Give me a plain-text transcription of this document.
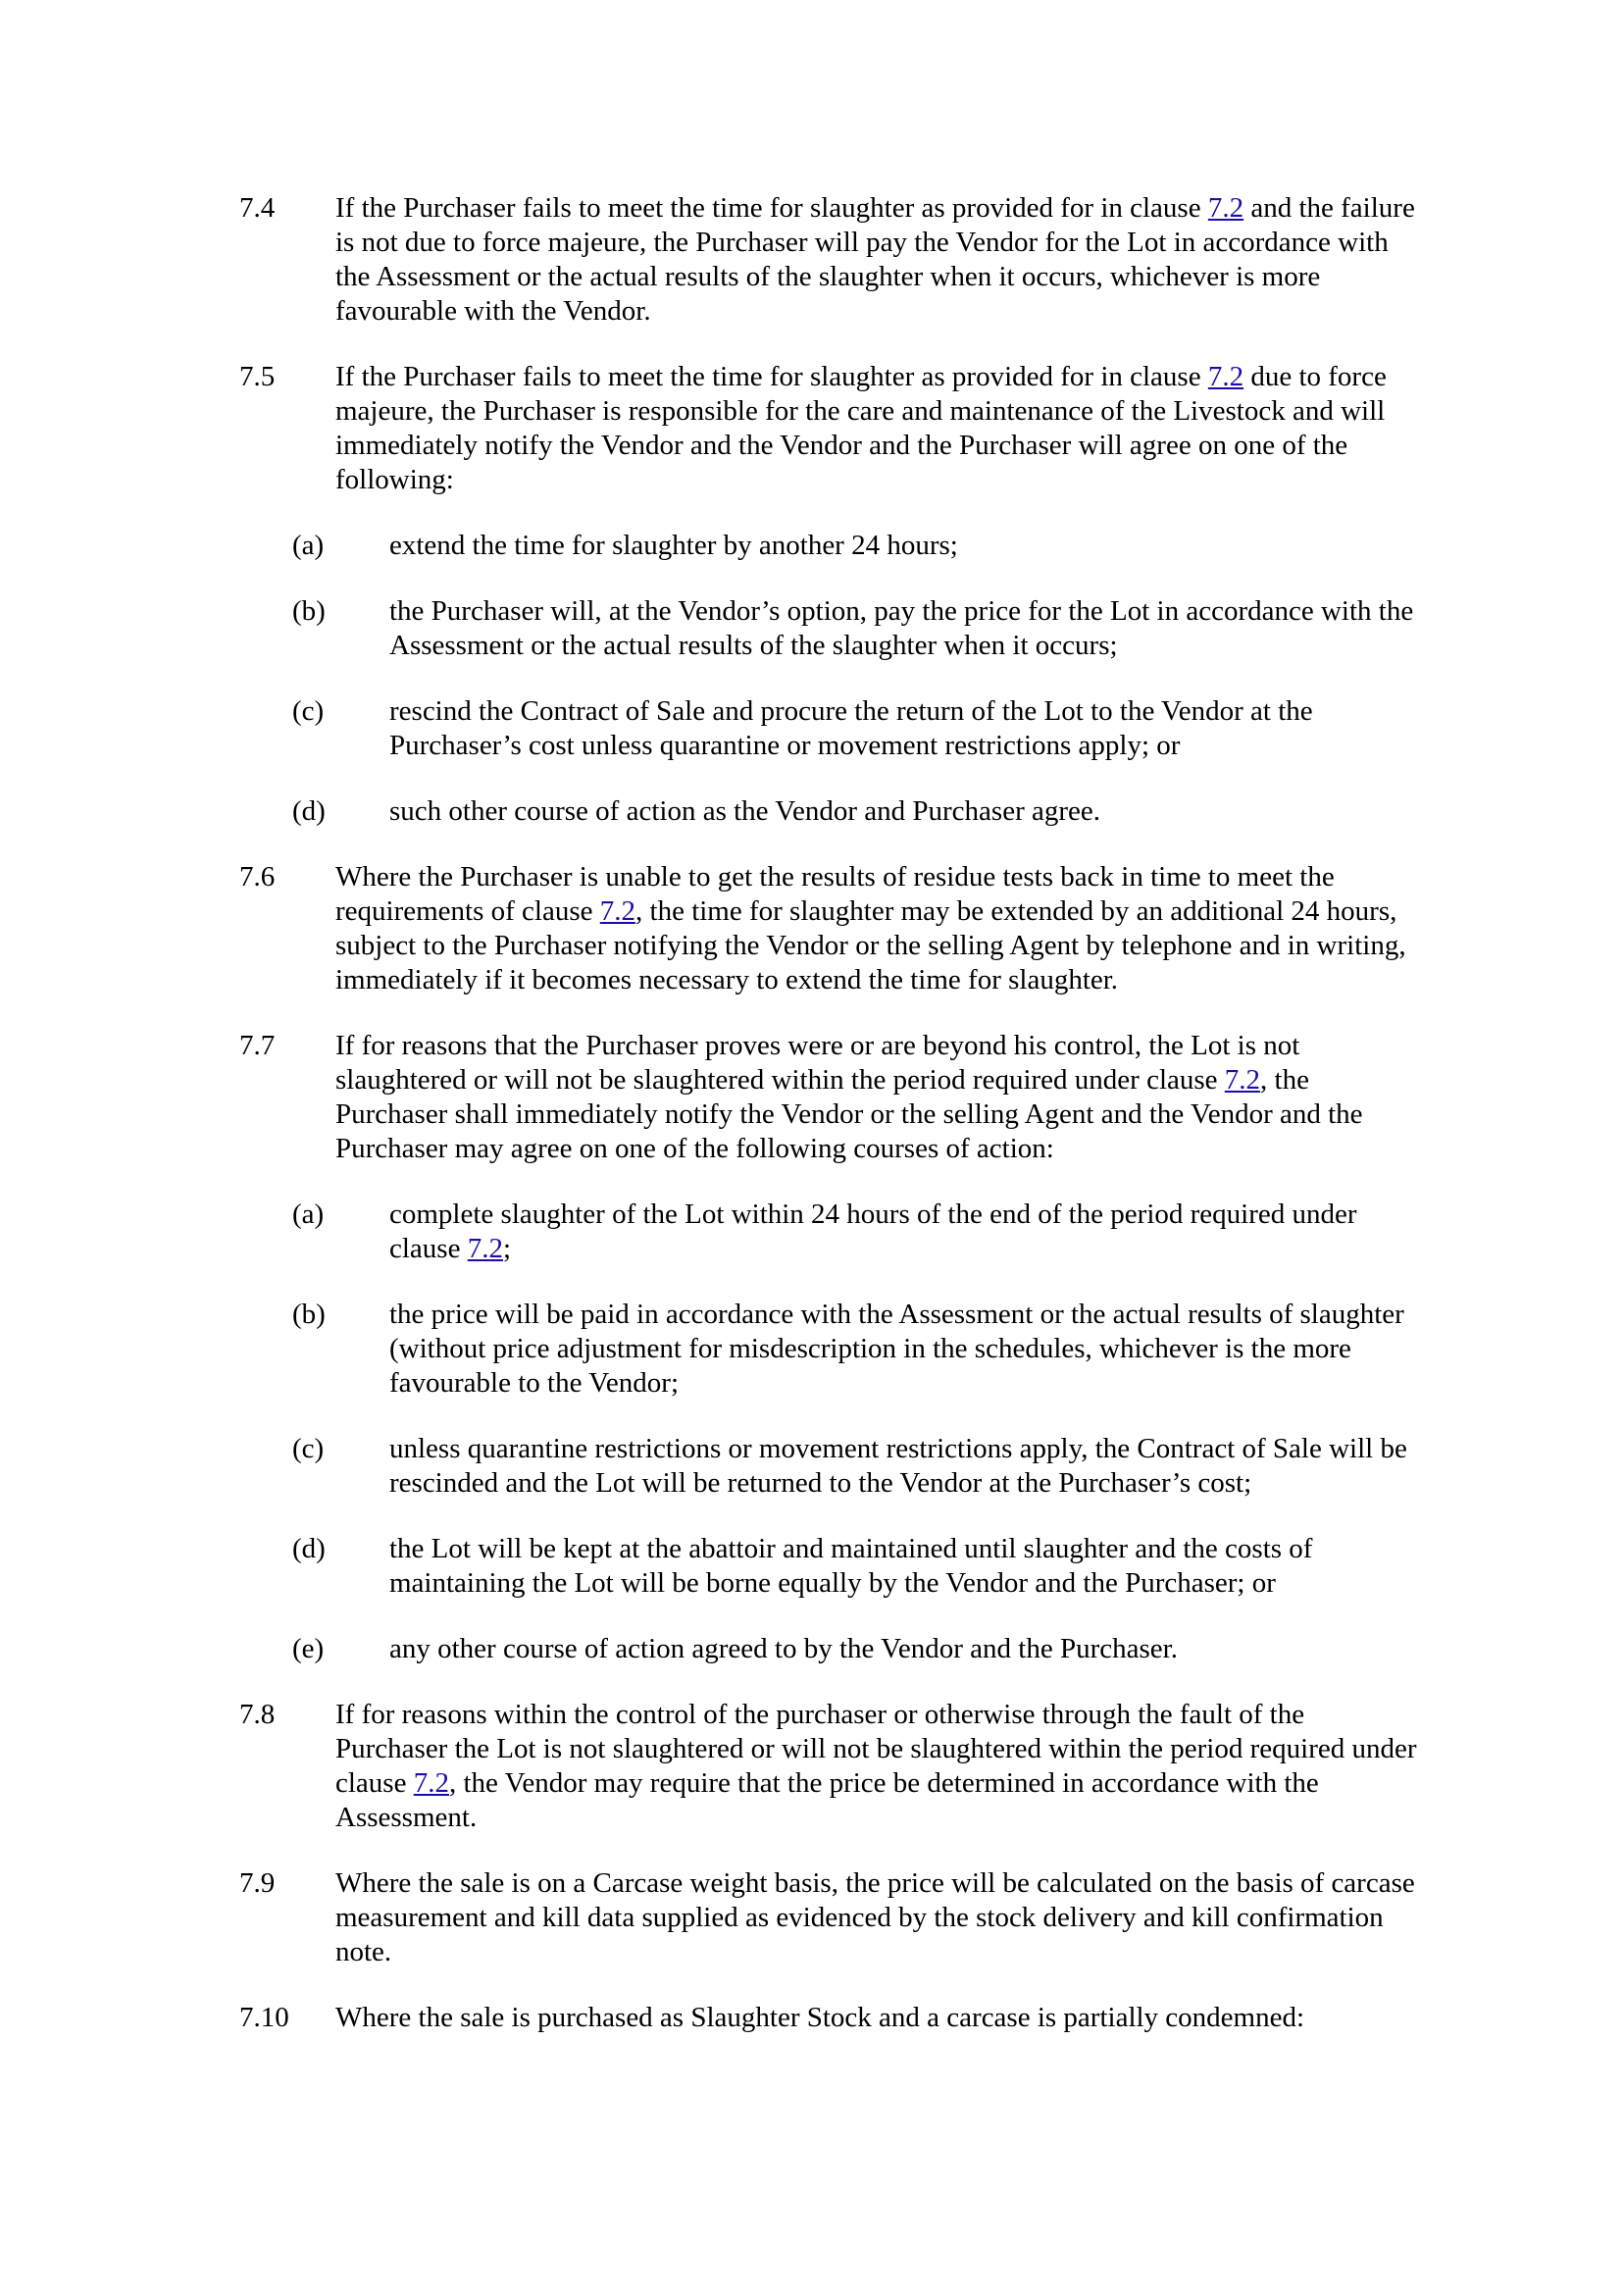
7.4 If the Purchaser fails to meet the time for slaughter as provided for in clause 7.2 and the failure is not due to force majeure, the Purchaser will pay the Vendor for the Lot in accordance with the Assessment or the actual results of the slaughter when it occurs, whichever is more favourable with the Vendor.
7.5 If the Purchaser fails to meet the time for slaughter as provided for in clause 7.2 due to force majeure, the Purchaser is responsible for the care and maintenance of the Livestock and will immediately notify the Vendor and the Vendor and the Purchaser will agree on one of the following:
(a) extend the time for slaughter by another 24 hours;
(b) the Purchaser will, at the Vendor’s option, pay the price for the Lot in accordance with the Assessment or the actual results of the slaughter when it occurs;
(c) rescind the Contract of Sale and procure the return of the Lot to the Vendor at the Purchaser’s cost unless quarantine or movement restrictions apply; or
(d) such other course of action as the Vendor and Purchaser agree.
7.6 Where the Purchaser is unable to get the results of residue tests back in time to meet the requirements of clause 7.2, the time for slaughter may be extended by an additional 24 hours, subject to the Purchaser notifying the Vendor or the selling Agent by telephone and in writing, immediately if it becomes necessary to extend the time for slaughter.
7.7 If for reasons that the Purchaser proves were or are beyond his control, the Lot is not slaughtered or will not be slaughtered within the period required under clause 7.2, the Purchaser shall immediately notify the Vendor or the selling Agent and the Vendor and the Purchaser may agree on one of the following courses of action:
(a) complete slaughter of the Lot within 24 hours of the end of the period required under clause 7.2;
(b) the price will be paid in accordance with the Assessment or the actual results of slaughter (without price adjustment for misdescription in the schedules, whichever is the more favourable to the Vendor;
(c) unless quarantine restrictions or movement restrictions apply, the Contract of Sale will be rescinded and the Lot will be returned to the Vendor at the Purchaser’s cost;
(d) the Lot will be kept at the abattoir and maintained until slaughter and the costs of maintaining the Lot will be borne equally by the Vendor and the Purchaser; or
(e) any other course of action agreed to by the Vendor and the Purchaser.
7.8 If for reasons within the control of the purchaser or otherwise through the fault of the Purchaser the Lot is not slaughtered or will not be slaughtered within the period required under clause 7.2, the Vendor may require that the price be determined in accordance with the Assessment.
7.9 Where the sale is on a Carcase weight basis, the price will be calculated on the basis of carcase measurement and kill data supplied as evidenced by the stock delivery and kill confirmation note.
7.10 Where the sale is purchased as Slaughter Stock and a carcase is partially condemned:
